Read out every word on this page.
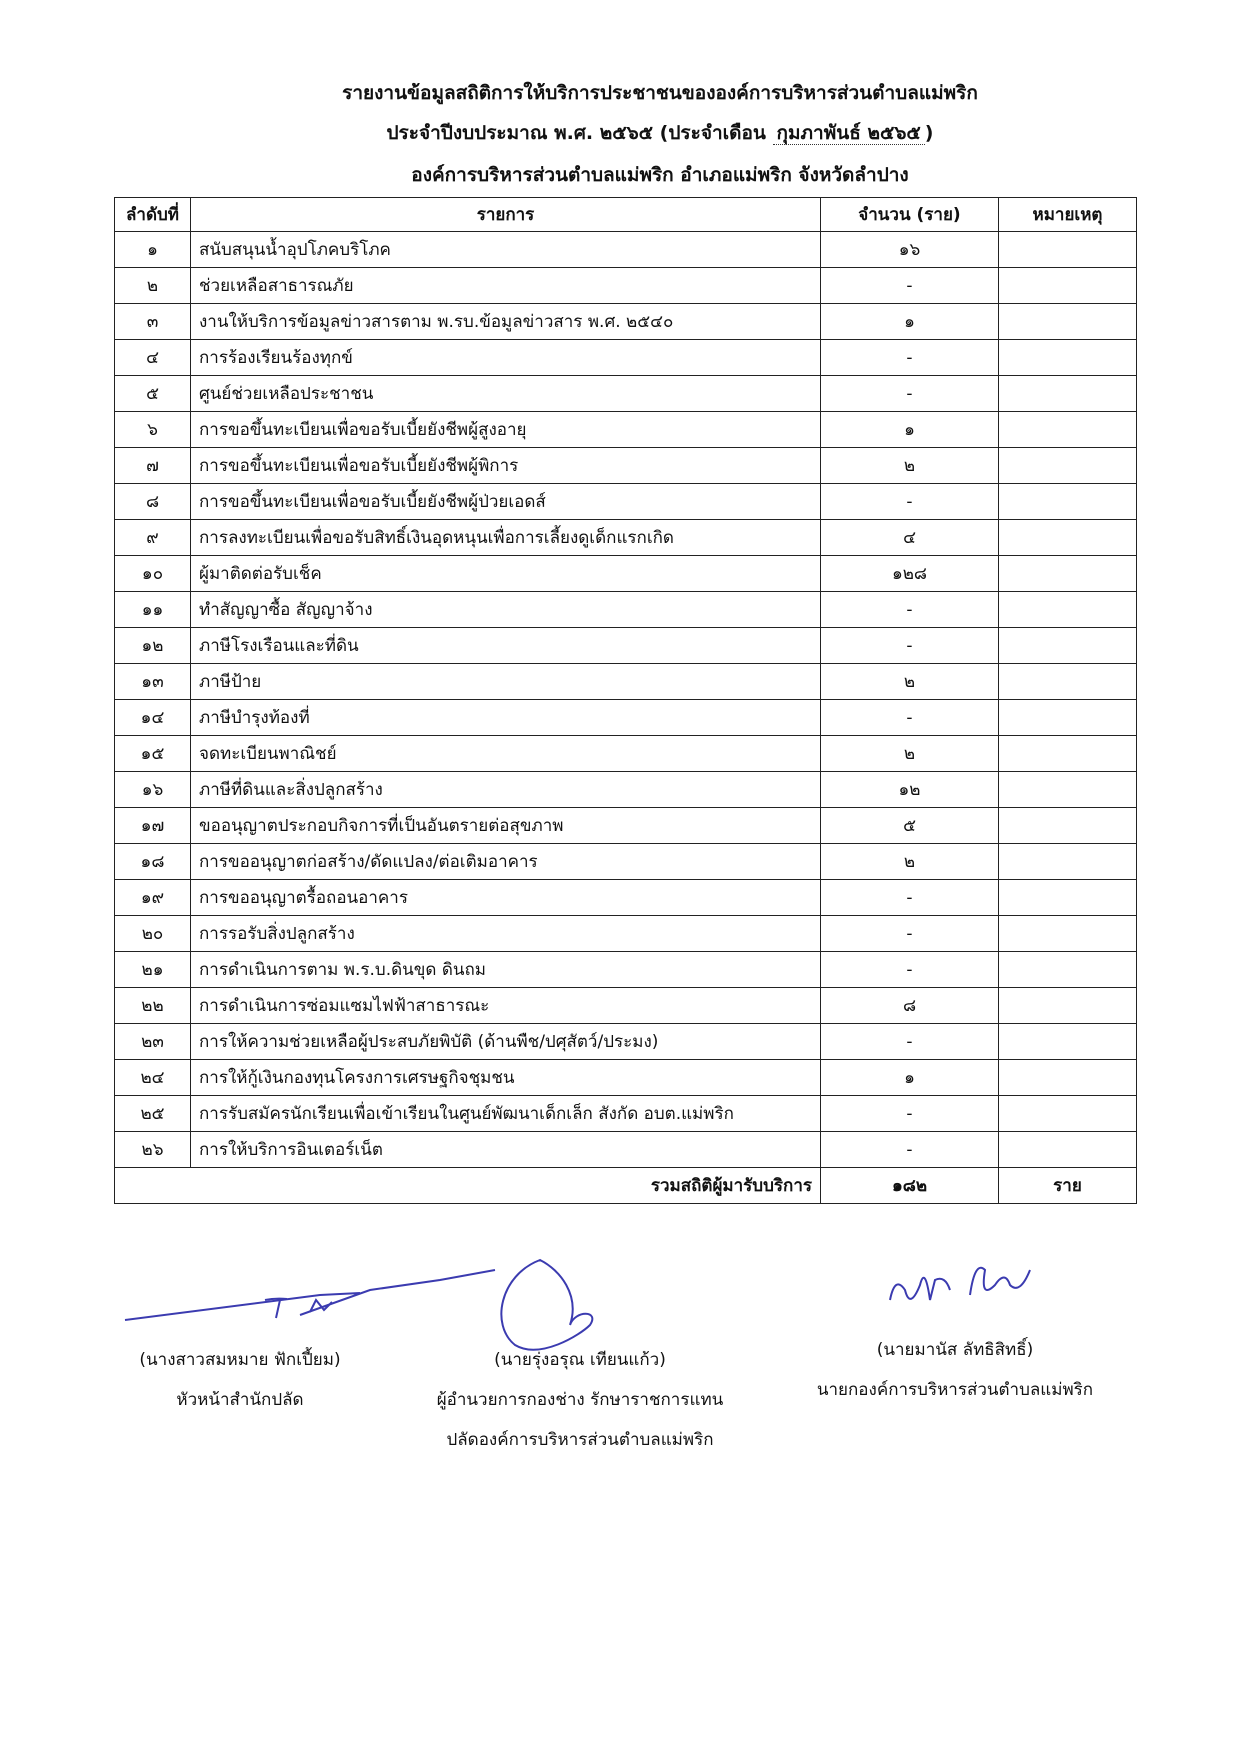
รายงานข้อมูลสถิติการให้บริการประชาชนขององค์การบริหารส่วนตำบลแม่พริก
ประจำปีงบประมาณ พ.ศ. ๒๕๖๕ (ประจำเดือน กุมภาพันธ์ ๒๕๖๕ )
องค์การบริหารส่วนตำบลแม่พริก อำเภอแม่พริก จังหวัดลำปาง
ลำดับที่	รายการ	จำนวน (ราย)	หมายเหตุ
๑	สนับสนุนน้ำอุปโภคบริโภค	๑๖	
๒	ช่วยเหลือสาธารณภัย	-	
๓	งานให้บริการข้อมูลข่าวสารตาม พ.รบ.ข้อมูลข่าวสาร พ.ศ. ๒๕๔๐	๑	
๔	การร้องเรียนร้องทุกข์	-	
๕	ศูนย์ช่วยเหลือประชาชน	-	
๖	การขอขึ้นทะเบียนเพื่อขอรับเบี้ยยังชีพผู้สูงอายุ	๑	
๗	การขอขึ้นทะเบียนเพื่อขอรับเบี้ยยังชีพผู้พิการ	๒	
๘	การขอขึ้นทะเบียนเพื่อขอรับเบี้ยยังชีพผู้ป่วยเอดส์	-	
๙	การลงทะเบียนเพื่อขอรับสิทธิ์เงินอุดหนุนเพื่อการเลี้ยงดูเด็กแรกเกิด	๔	
๑๐	ผู้มาติดต่อรับเช็ค	๑๒๘	
๑๑	ทำสัญญาซื้อ สัญญาจ้าง	-	
๑๒	ภาษีโรงเรือนและที่ดิน	-	
๑๓	ภาษีป้าย	๒	
๑๔	ภาษีบำรุงท้องที่	-	
๑๕	จดทะเบียนพาณิชย์	๒	
๑๖	ภาษีที่ดินและสิ่งปลูกสร้าง	๑๒	
๑๗	ขออนุญาตประกอบกิจการที่เป็นอันตรายต่อสุขภาพ	๕	
๑๘	การขออนุญาตก่อสร้าง/ดัดแปลง/ต่อเติมอาคาร	๒	
๑๙	การขออนุญาตรื้อถอนอาคาร	-	
๒๐	การรอรับสิ่งปลูกสร้าง	-	
๒๑	การดำเนินการตาม พ.ร.บ.ดินขุด ดินถม	-	
๒๒	การดำเนินการซ่อมแซมไฟฟ้าสาธารณะ	๘	
๒๓	การให้ความช่วยเหลือผู้ประสบภัยพิบัติ (ด้านพืช/ปศุสัตว์/ประมง)	-	
๒๔	การให้กู้เงินกองทุนโครงการเศรษฐกิจชุมชน	๑	
๒๕	การรับสมัครนักเรียนเพื่อเข้าเรียนในศูนย์พัฒนาเด็กเล็ก สังกัด อบต.แม่พริก	-	
๒๖	การให้บริการอินเตอร์เน็ต	-	
	รวมสถิติผู้มารับบริการ	๑๘๒	ราย
(นางสาวสมหมาย ฟักเปี้ยม)
หัวหน้าสำนักปลัด
(นายรุ่งอรุณ เทียนแก้ว)
ผู้อำนวยการกองช่าง รักษาราชการแทน
ปลัดองค์การบริหารส่วนตำบลแม่พริก
(นายมานัส ลัทธิสิทธิ์)
นายกองค์การบริหารส่วนตำบลแม่พริก
